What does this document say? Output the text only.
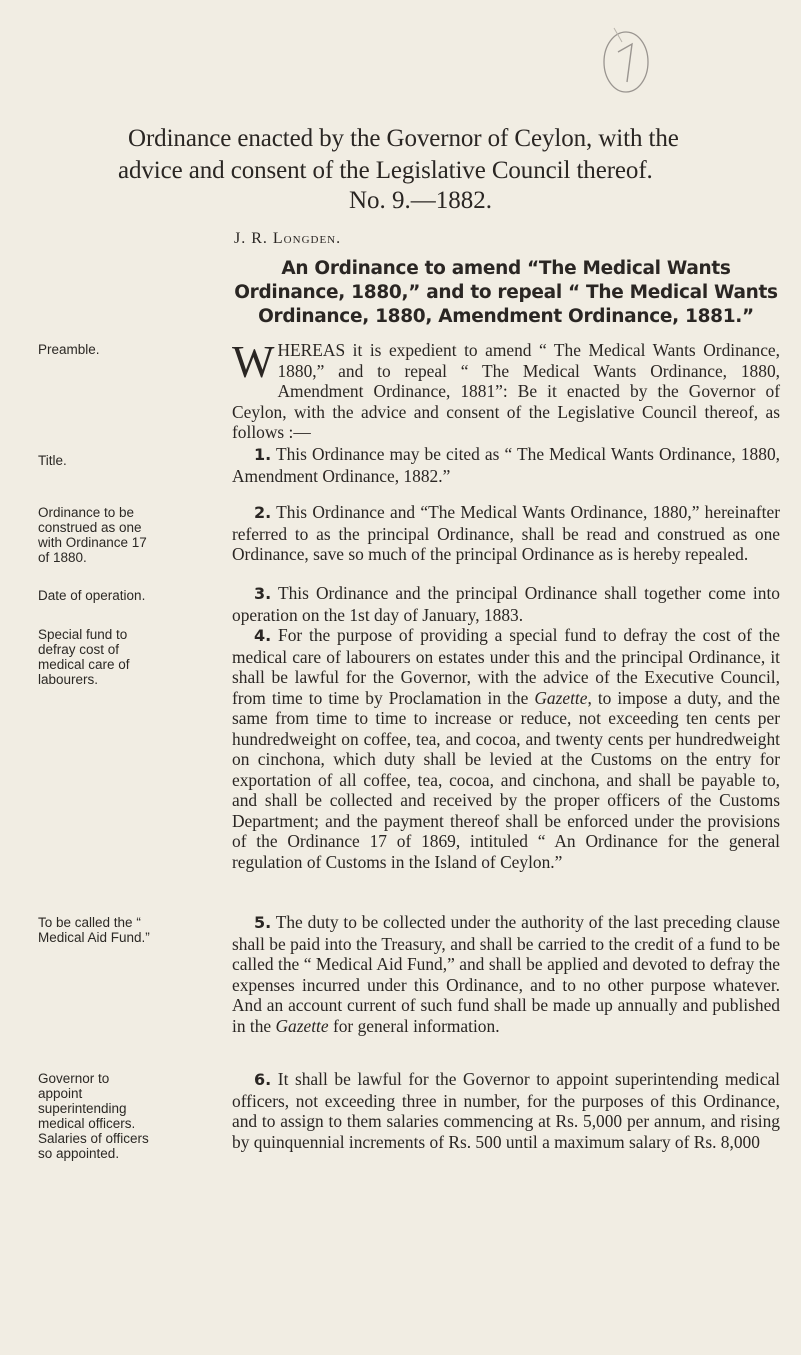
Ordinance enacted by the Governor of Ceylon, with the
advice and consent of the Legislative Council thereof.
No. 9.—1882.
J. R. Longden.
An Ordinance to amend “The Medical Wants Ordinance, 1880,” and to repeal “ The Medical Wants Ordinance, 1880, Amendment Ordinance, 1881.”
Preamble.
Title.
Ordinance to be construed as one with Ordinance 17 of 1880.
Date of operation.
Special fund to defray cost of medical care of labourers.
To be called the “ Medical Aid Fund.”
Governor to appoint superintending medical officers. Salaries of officers so appointed.

WHEREAS it is expedient to amend “ The Medical Wants Ordinance, 1880,” and to repeal “ The Medical Wants Ordinance, 1880, Amendment Ordinance, 1881”: Be it enacted by the Governor of Ceylon, with the advice and consent of the Legislative Council thereof, as follows :—

1. This Ordinance may be cited as “ The Medical Wants Ordinance, 1880, Amendment Ordinance, 1882.”

2. This Ordinance and “The Medical Wants Ordinance, 1880,” hereinafter referred to as the principal Ordinance, shall be read and construed as one Ordinance, save so much of the principal Ordinance as is hereby repealed.

3. This Ordinance and the principal Ordinance shall together come into operation on the 1st day of January, 1883.

4. For the purpose of providing a special fund to defray the cost of the medical care of labourers on estates under this and the principal Ordinance, it shall be lawful for the Governor, with the advice of the Executive Council, from time to time by Proclamation in the Gazette, to impose a duty, and the same from time to time to increase or reduce, not exceeding ten cents per hundredweight on coffee, tea, and cocoa, and twenty cents per hundredweight on cinchona, which duty shall be levied at the Customs on the entry for exportation of all coffee, tea, cocoa, and cinchona, and shall be payable to, and shall be collected and received by the proper officers of the Customs Department; and the payment thereof shall be enforced under the provisions of the Ordinance 17 of 1869, intituled “ An Ordinance for the general regulation of Customs in the Island of Ceylon.”

5. The duty to be collected under the authority of the last preceding clause shall be paid into the Treasury, and shall be carried to the credit of a fund to be called the “ Medical Aid Fund,” and shall be applied and devoted to defray the expenses incurred under this Ordinance, and to no other purpose whatever. And an account current of such fund shall be made up annually and published in the Gazette for general information.

6. It shall be lawful for the Governor to appoint superintending medical officers, not exceeding three in number, for the purposes of this Ordinance, and to assign to them salaries commencing at Rs. 5,000 per annum, and rising by quinquennial increments of Rs. 500 until a maximum salary of Rs. 8,000
